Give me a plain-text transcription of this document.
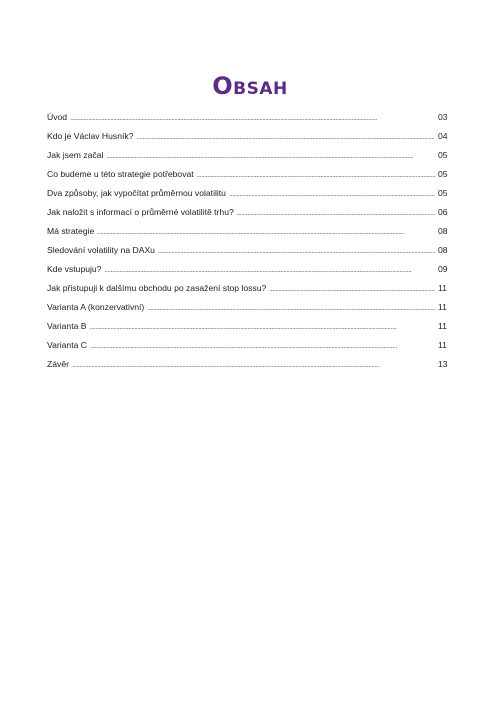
Obsah
Úvod . . .	03
Kdo je Václav Husník? . . .	04
Jak jsem začal . . .	05
Co budeme u této strategie potřebovat . . .	05
Dva způsoby, jak vypočítat průměrnou volatilitu . . .	05
Jak naložit s informací o průměrné volatilitě trhu? . . .	06
Má strategie . . .	08
Sledování volatility na DAXu . . .	08
Kde vstupuju? . . .	09
Jak přistupuji k dalšímu obchodu po zasažení stop lossu? . . .	11
Varianta A (konzervativní) . . .	11
Varianta B . . .	11
Varianta C . . .	11
Závěr . . .	13
